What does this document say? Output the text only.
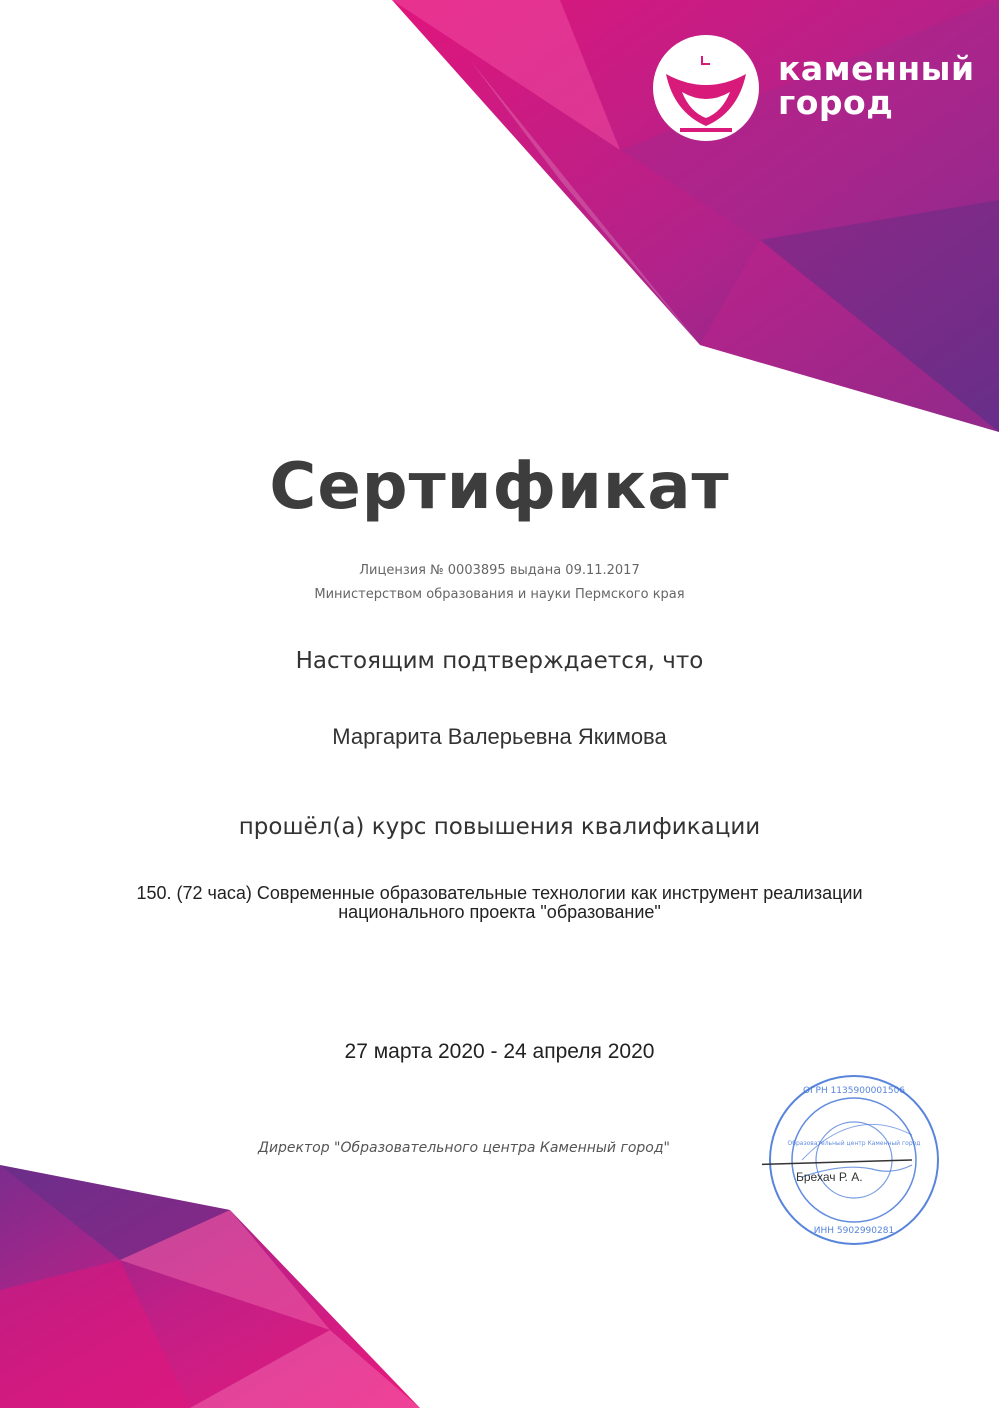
каменный
город
Сертификат
Лицензия № 0003895 выдана 09.11.2017
Министерством образования и науки Пермского края
Настоящим подтверждается, что
Маргарита Валерьевна Якимова
прошёл(а) курс повышения квалификации
150. (72 часа) Современные образовательные технологии как инструмент реализации
национального проекта "образование"
27 марта 2020 - 24 апреля 2020
Директор "Образовательного центра Каменный город"
ОГРН 1135900001506
ИНН 5902990281
Образовательный центр Каменный город
Брехач Р. А.
